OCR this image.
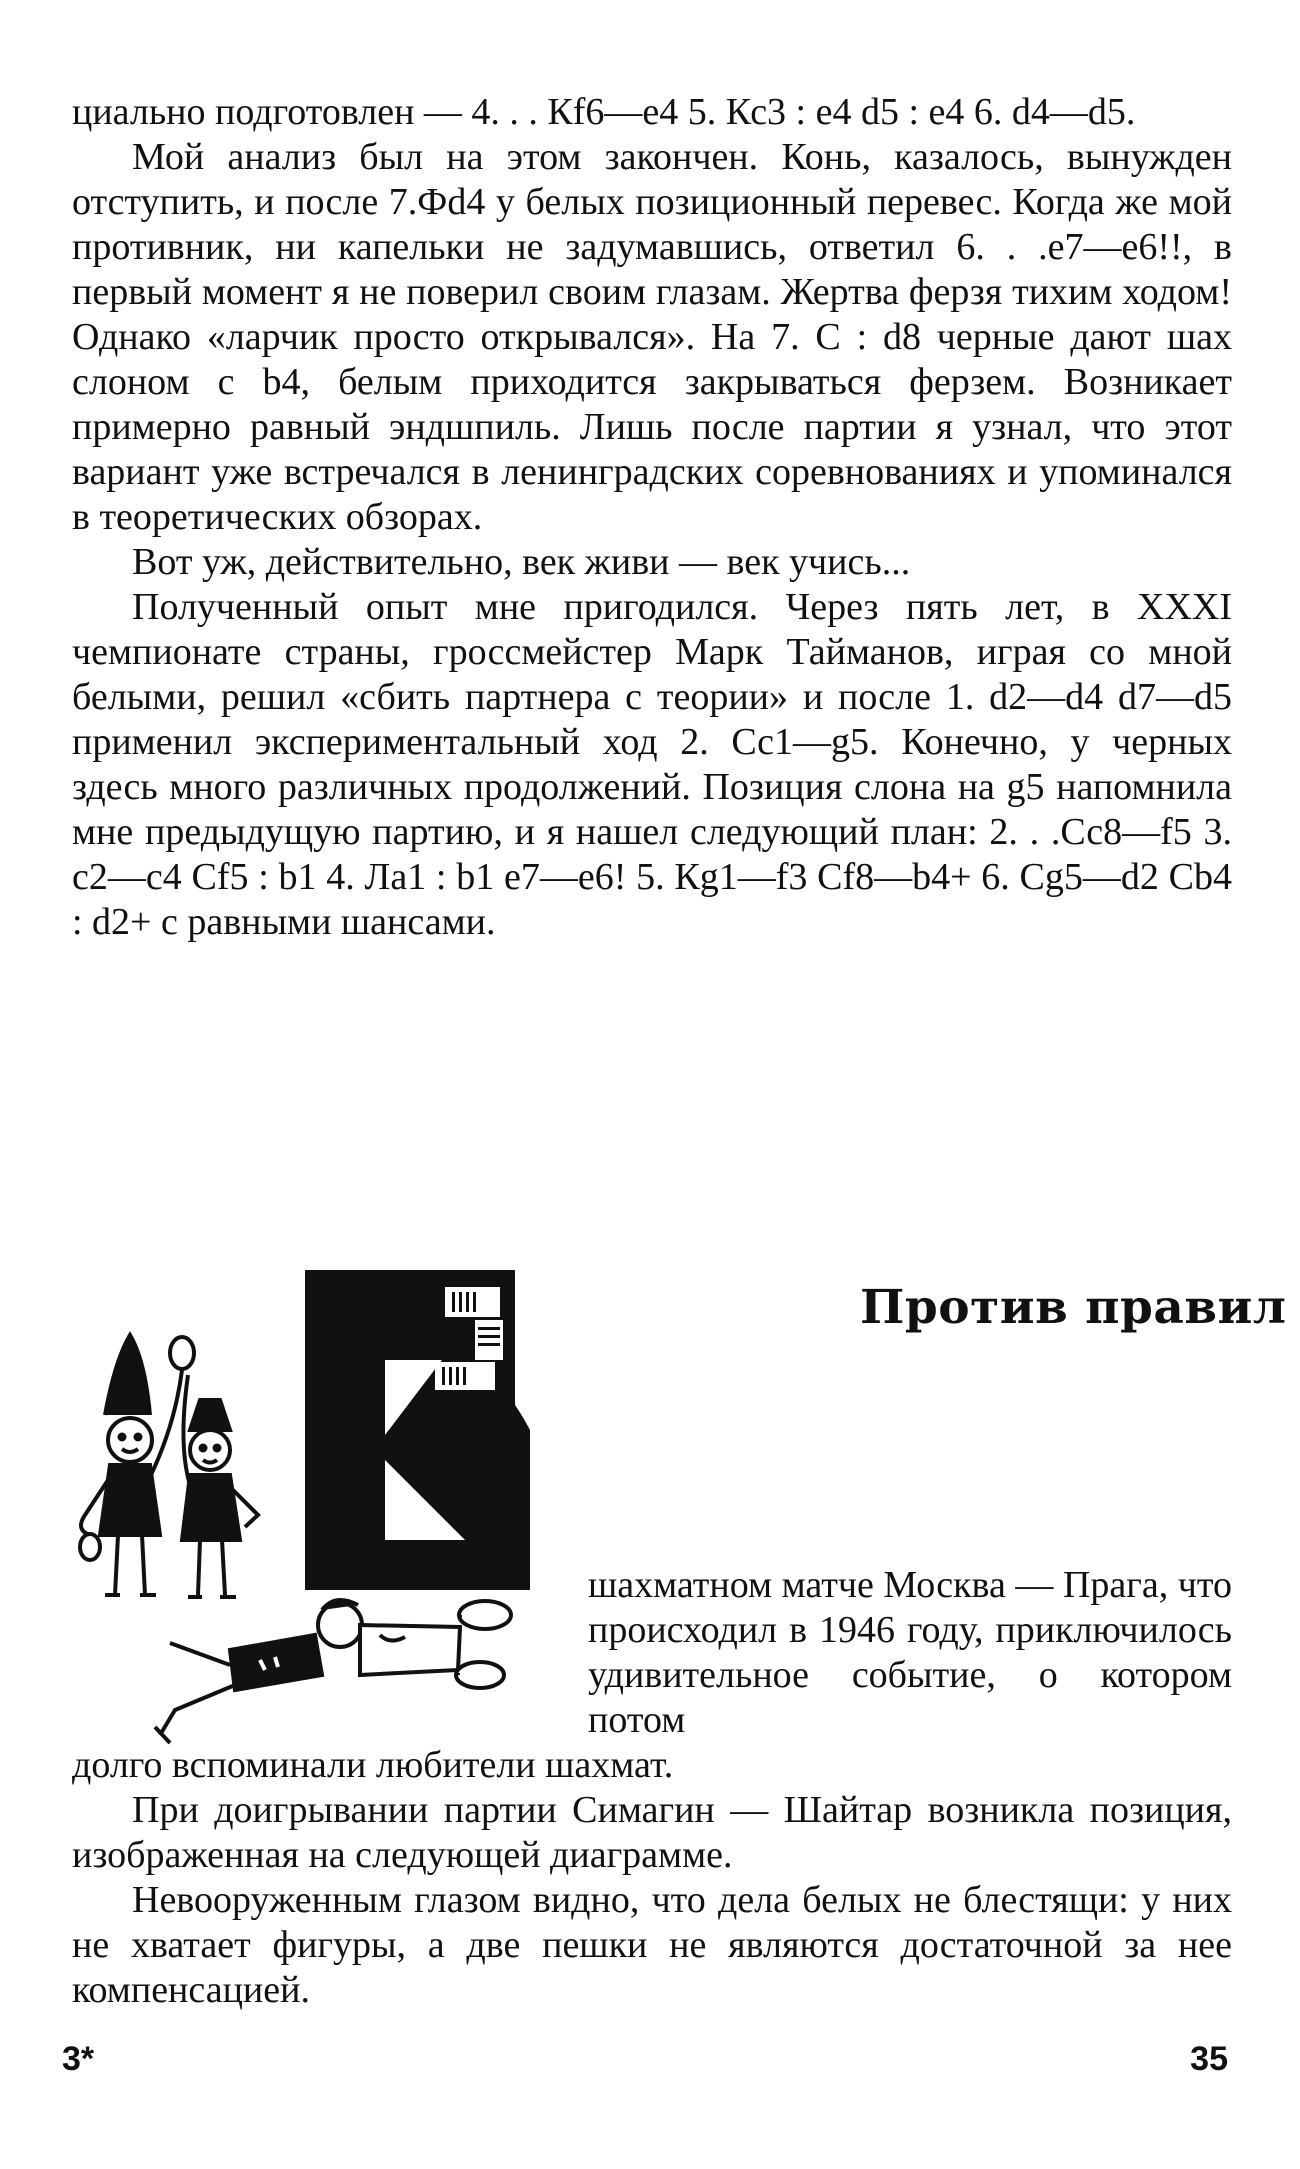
циально подготовлен — 4. . . Кf6—е4 5. Кс3 : е4 d5 : е4 6. d4—d5.

Мой анализ был на этом закончен. Конь, казалось, вынужден отступить, и после 7.Фd4 у белых позиционный перевес. Когда же мой противник, ни капельки не задумавшись, ответил 6. . .е7—е6!!, в первый момент я не поверил своим глазам. Жертва ферзя тихим ходом! Однако «ларчик просто открывался». На 7. С : d8 черные дают шах слоном с b4, белым приходится закрываться ферзем. Возникает примерно равный эндшпиль. Лишь после партии я узнал, что этот вариант уже встречался в ленинградских соревнованиях и упоминался в теоретических обзорах.

Вот уж, действительно, век живи — век учись...

Полученный опыт мне пригодился. Через пять лет, в XXXI чемпионате страны, гроссмейстер Марк Тайманов, играя со мной белыми, решил «сбить партнера с теории» и после 1. d2—d4 d7—d5 применил экспериментальный ход 2. Сс1—g5. Конечно, у черных здесь много различных продолжений. Позиция слона на g5 напомнила мне предыдущую партию, и я нашел следующий план: 2. . .Сс8—f5 3. с2—с4 Сf5 : b1 4. Ла1 : b1 е7—е6! 5. Кg1—f3 Сf8—b4+ 6. Сg5—d2 Сb4 : d2+ с равными шансами.

Против правил
шахматном матче Москва — Прага, что происходил в 1946 году, приключилось удивительное событие, о котором потом

долго вспоминали любители шахмат.

При доигрывании партии Симагин — Шайтар возникла позиция, изображенная на следующей диаграмме.

Невооруженным глазом видно, что дела белых не блестящи: у них не хватает фигуры, а две пешки не являются достаточной за нее компенсацией.

3*	35
